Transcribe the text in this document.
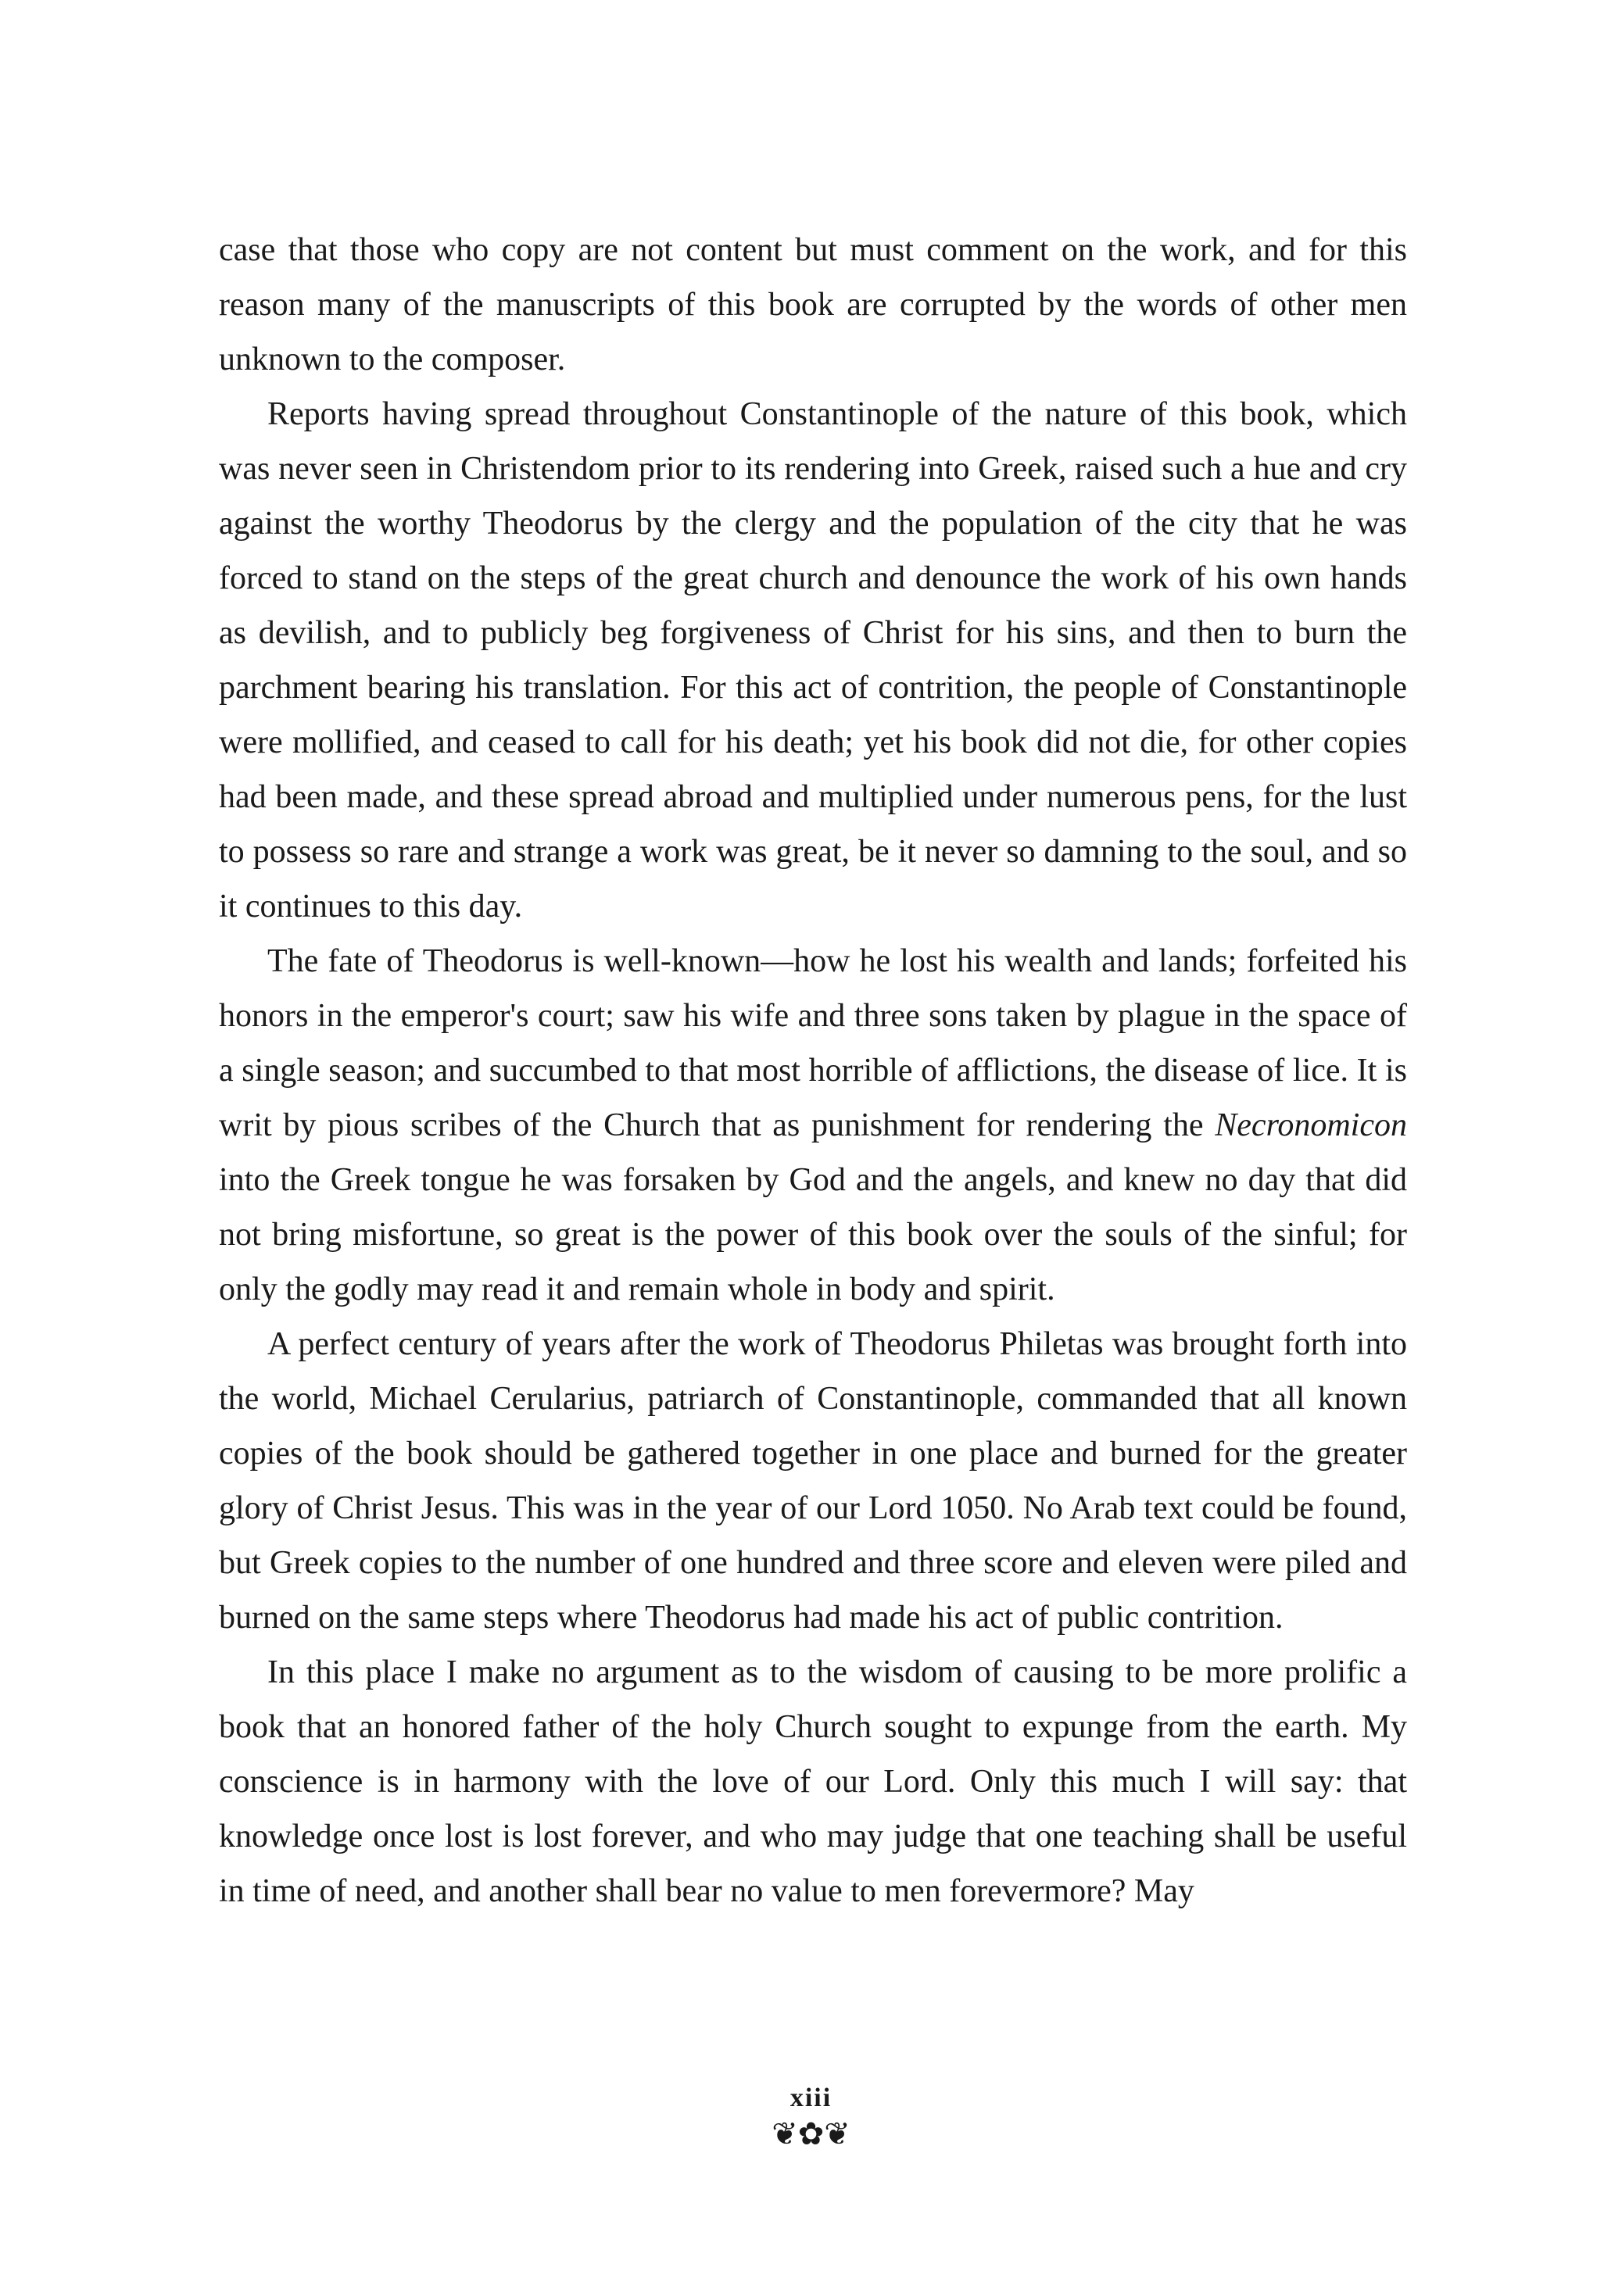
case that those who copy are not content but must comment on the work, and for this reason many of the manuscripts of this book are corrupted by the words of other men unknown to the composer.

Reports having spread throughout Constantinople of the nature of this book, which was never seen in Christendom prior to its rendering into Greek, raised such a hue and cry against the worthy Theodorus by the clergy and the population of the city that he was forced to stand on the steps of the great church and denounce the work of his own hands as devilish, and to publicly beg forgiveness of Christ for his sins, and then to burn the parchment bearing his translation. For this act of contrition, the people of Constantinople were mollified, and ceased to call for his death; yet his book did not die, for other copies had been made, and these spread abroad and multiplied under numerous pens, for the lust to possess so rare and strange a work was great, be it never so damning to the soul, and so it continues to this day.

The fate of Theodorus is well-known—how he lost his wealth and lands; forfeited his honors in the emperor's court; saw his wife and three sons taken by plague in the space of a single season; and succumbed to that most horrible of afflictions, the disease of lice. It is writ by pious scribes of the Church that as punishment for rendering the Necronomicon into the Greek tongue he was forsaken by God and the angels, and knew no day that did not bring misfortune, so great is the power of this book over the souls of the sinful; for only the godly may read it and remain whole in body and spirit.

A perfect century of years after the work of Theodorus Philetas was brought forth into the world, Michael Cerularius, patriarch of Constantinople, commanded that all known copies of the book should be gathered together in one place and burned for the greater glory of Christ Jesus. This was in the year of our Lord 1050. No Arab text could be found, but Greek copies to the number of one hundred and three score and eleven were piled and burned on the same steps where Theodorus had made his act of public contrition.

In this place I make no argument as to the wisdom of causing to be more prolific a book that an honored father of the holy Church sought to expunge from the earth. My conscience is in harmony with the love of our Lord. Only this much I will say: that knowledge once lost is lost forever, and who may judge that one teaching shall be useful in time of need, and another shall bear no value to men forevermore? May

xiii
❦✿❦
